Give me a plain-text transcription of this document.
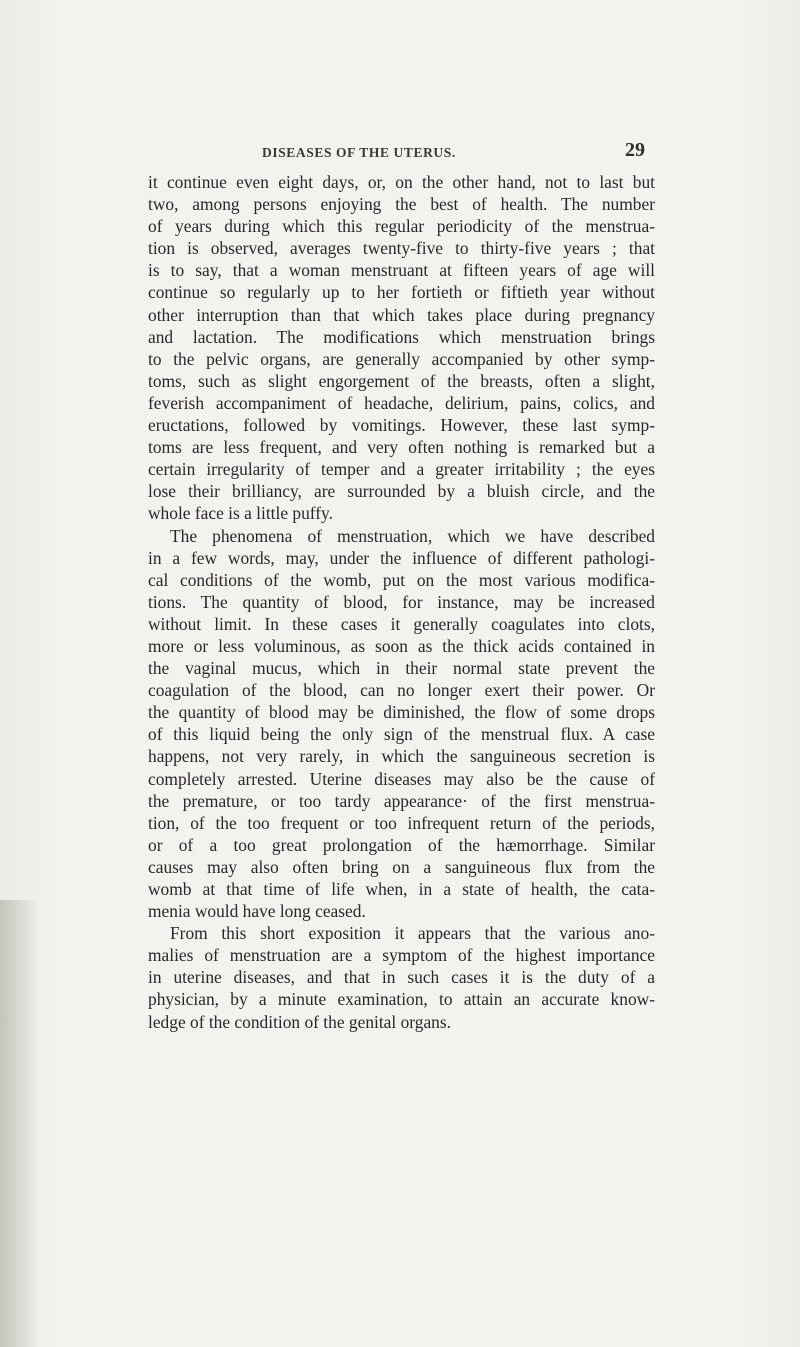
DISEASES OF THE UTERUS.	29
it continue even eight days, or, on the other hand, not to last but
two, among persons enjoying the best of health. The number
of years during which this regular periodicity of the menstrua-
tion is observed, averages twenty-five to thirty-five years ; that
is to say, that a woman menstruant at fifteen years of age will
continue so regularly up to her fortieth or fiftieth year without
other interruption than that which takes place during pregnancy
and lactation. The modifications which menstruation brings
to the pelvic organs, are generally accompanied by other symp-
toms, such as slight engorgement of the breasts, often a slight,
feverish accompaniment of headache, delirium, pains, colics, and
eructations, followed by vomitings. However, these last symp-
toms are less frequent, and very often nothing is remarked but a
certain irregularity of temper and a greater irritability ; the eyes
lose their brilliancy, are surrounded by a bluish circle, and the
whole face is a little puffy.
The phenomena of menstruation, which we have described
in a few words, may, under the influence of different pathologi-
cal conditions of the womb, put on the most various modifica-
tions. The quantity of blood, for instance, may be increased
without limit. In these cases it generally coagulates into clots,
more or less voluminous, as soon as the thick acids contained in
the vaginal mucus, which in their normal state prevent the
coagulation of the blood, can no longer exert their power. Or
the quantity of blood may be diminished, the flow of some drops
of this liquid being the only sign of the menstrual flux. A case
happens, not very rarely, in which the sanguineous secretion is
completely arrested. Uterine diseases may also be the cause of
the premature, or too tardy appearance· of the first menstrua-
tion, of the too frequent or too infrequent return of the periods,
or of a too great prolongation of the hæmorrhage. Similar
causes may also often bring on a sanguineous flux from the
womb at that time of life when, in a state of health, the cata-
menia would have long ceased.
From this short exposition it appears that the various ano-
malies of menstruation are a symptom of the highest importance
in uterine diseases, and that in such cases it is the duty of a
physician, by a minute examination, to attain an accurate know-
ledge of the condition of the genital organs.
